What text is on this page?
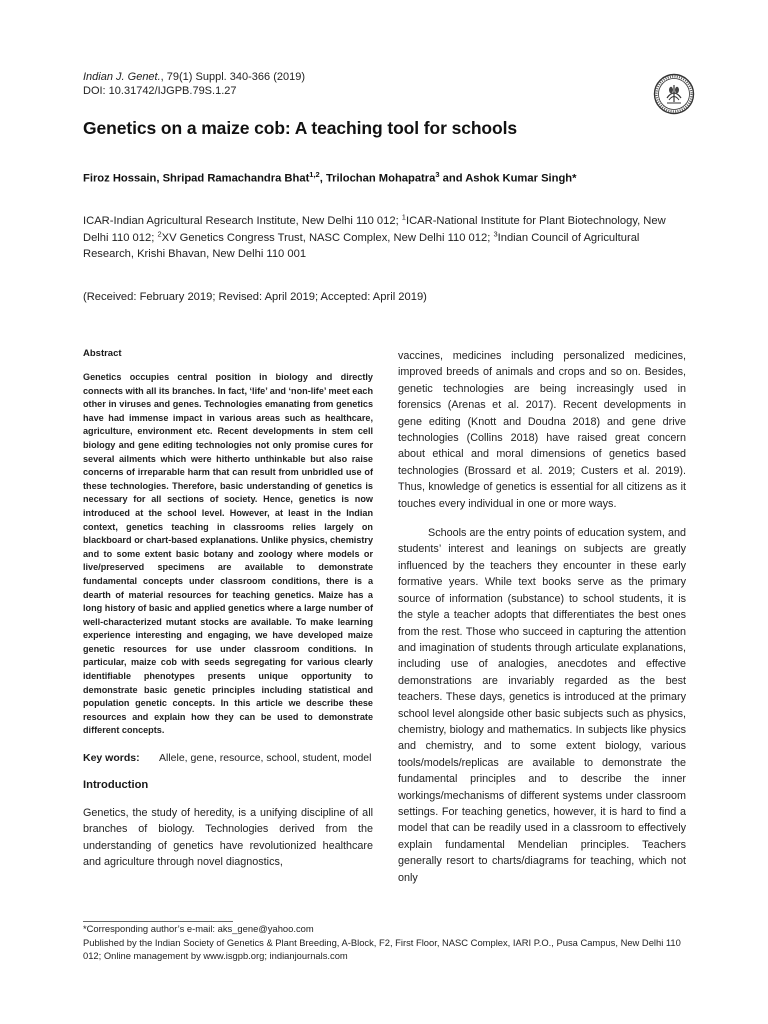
Indian J. Genet., 79(1) Suppl. 340-366 (2019)
DOI: 10.31742/IJGPB.79S.1.27
Genetics on a maize cob: A teaching tool for schools
Firoz Hossain, Shripad Ramachandra Bhat$^{1,2}$, Trilochan Mohapatra$^3$ and Ashok Kumar Singh*
ICAR-Indian Agricultural Research Institute, New Delhi 110 012; $^1$ICAR-National Institute for Plant Biotechnology, New Delhi 110 012; $^2$XV Genetics Congress Trust, NASC Complex, New Delhi 110 012; $^3$Indian Council of Agricultural Research, Krishi Bhavan, New Delhi 110 001
(Received: February 2019; Revised: April 2019; Accepted: April 2019)
Abstract
Genetics occupies central position in biology and directly connects with all its branches. In fact, ‘life’ and ‘non-life’ meet each other in viruses and genes. Technologies emanating from genetics have had immense impact in various areas such as healthcare, agriculture, environment etc. Recent developments in stem cell biology and gene editing technologies not only promise cures for several ailments which were hitherto unthinkable but also raise concerns of irreparable harm that can result from unbridled use of these technologies. Therefore, basic understanding of genetics is necessary for all sections of society. Hence, genetics is now introduced at the school level. However, at least in the Indian context, genetics teaching in classrooms relies largely on blackboard or chart-based explanations. Unlike physics, chemistry and to some extent basic botany and zoology where models or live/preserved specimens are available to demonstrate fundamental concepts under classroom conditions, there is a dearth of material resources for teaching genetics. Maize has a long history of basic and applied genetics where a large number of well-characterized mutant stocks are available. To make learning experience interesting and engaging, we have developed maize genetic resources for use under classroom conditions. In particular, maize cob with seeds segregating for various clearly identifiable phenotypes presents unique opportunity to demonstrate basic genetic principles including statistical and population genetic concepts. In this article we describe these resources and explain how they can be used to demonstrate different concepts.
Key words:	Allele, gene, resource, school, student, model
Introduction
Genetics, the study of heredity, is a unifying discipline of all branches of biology. Technologies derived from the understanding of genetics have revolutionized healthcare and agriculture through novel diagnostics,

vaccines, medicines including personalized medicines, improved breeds of animals and crops and so on. Besides, genetic technologies are being increasingly used in forensics (Arenas et al. 2017). Recent developments in gene editing (Knott and Doudna 2018) and gene drive technologies (Collins 2018) have raised great concern about ethical and moral dimensions of genetics based technologies (Brossard et al. 2019; Custers et al. 2019). Thus, knowledge of genetics is essential for all citizens as it touches every individual in one or more ways.

Schools are the entry points of education system, and students’ interest and leanings on subjects are greatly influenced by the teachers they encounter in these early formative years. While text books serve as the primary source of information (substance) to school students, it is the style a teacher adopts that differentiates the best ones from the rest. Those who succeed in capturing the attention and imagination of students through articulate explanations, including use of analogies, anecdotes and effective demonstrations are invariably regarded as the best teachers. These days, genetics is introduced at the primary school level alongside other basic subjects such as physics, chemistry, biology and mathematics. In subjects like physics and chemistry, and to some extent biology, various tools/models/replicas are available to demonstrate the fundamental principles and to describe the inner workings/mechanisms of different systems under classroom settings. For teaching genetics, however, it is hard to find a model that can be readily used in a classroom to effectively explain fundamental Mendelian principles. Teachers generally resort to charts/diagrams for teaching, which not only

*Corresponding author’s e-mail: aks_gene@yahoo.com
Published by the Indian Society of Genetics & Plant Breeding, A-Block, F2, First Floor, NASC Complex, IARI P.O., Pusa Campus, New Delhi 110 012; Online management by www.isgpb.org; indianjournals.com
